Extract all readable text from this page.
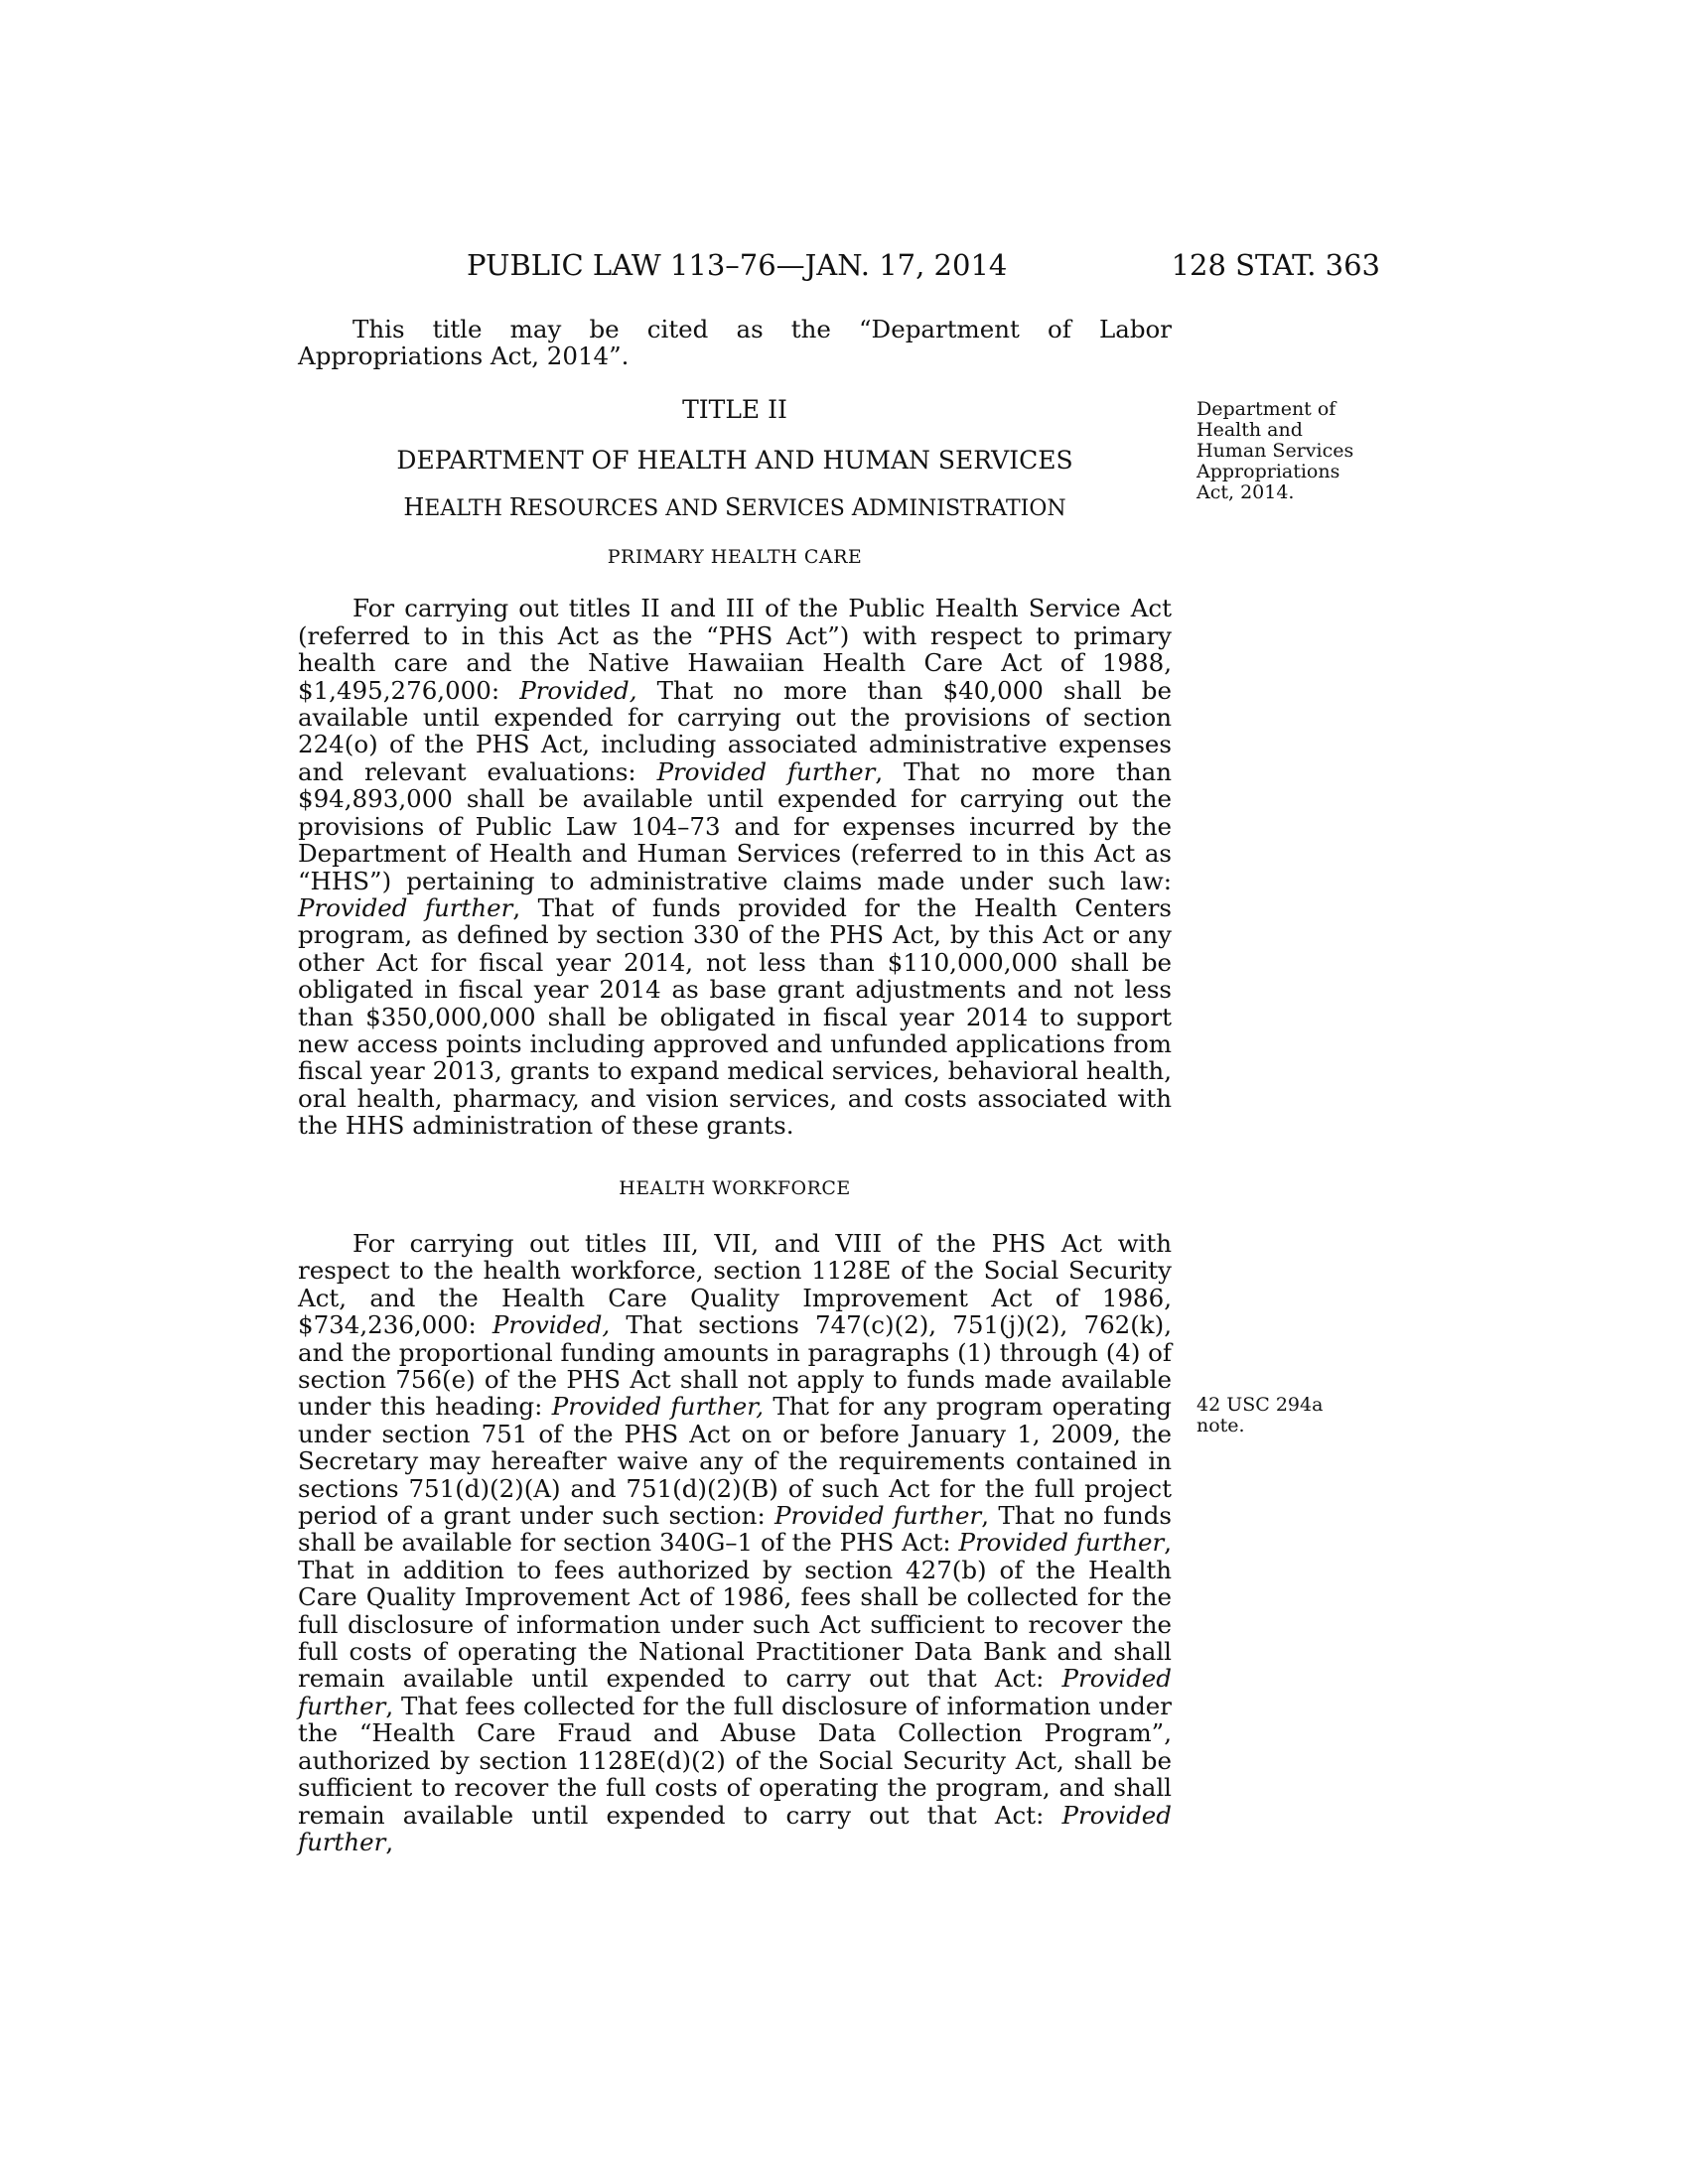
PUBLIC LAW 113–76—JAN. 17, 2014	128 STAT. 363

This title may be cited as the “Department of Labor Appropriations Act, 2014”.

TITLE II
DEPARTMENT OF HEALTH AND HUMAN SERVICES
HEALTH RESOURCES AND SERVICES ADMINISTRATION
PRIMARY HEALTH CARE

For carrying out titles II and III of the Public Health Service Act (referred to in this Act as the “PHS Act”) with respect to primary health care and the Native Hawaiian Health Care Act of 1988, $1,495,276,000: Provided, That no more than $40,000 shall be available until expended for carrying out the provisions of section 224(o) of the PHS Act, including associated administrative expenses and relevant evaluations: Provided further, That no more than $94,893,000 shall be available until expended for carrying out the provisions of Public Law 104–73 and for expenses incurred by the Department of Health and Human Services (referred to in this Act as “HHS”) pertaining to administrative claims made under such law: Provided further, That of funds provided for the Health Centers program, as defined by section 330 of the PHS Act, by this Act or any other Act for fiscal year 2014, not less than $110,000,000 shall be obligated in fiscal year 2014 as base grant adjustments and not less than $350,000,000 shall be obligated in fiscal year 2014 to support new access points including approved and unfunded applications from fiscal year 2013, grants to expand medical services, behavioral health, oral health, pharmacy, and vision services, and costs associated with the HHS administration of these grants.

HEALTH WORKFORCE

For carrying out titles III, VII, and VIII of the PHS Act with respect to the health workforce, section 1128E of the Social Security Act, and the Health Care Quality Improvement Act of 1986, $734,236,000: Provided, That sections 747(c)(2), 751(j)(2), 762(k), and the proportional funding amounts in paragraphs (1) through (4) of section 756(e) of the PHS Act shall not apply to funds made available under this heading: Provided further, That for any program operating under section 751 of the PHS Act on or before January 1, 2009, the Secretary may hereafter waive any of the requirements contained in sections 751(d)(2)(A) and 751(d)(2)(B) of such Act for the full project period of a grant under such section: Provided further, That no funds shall be available for section 340G–1 of the PHS Act: Provided further, That in addition to fees authorized by section 427(b) of the Health Care Quality Improvement Act of 1986, fees shall be collected for the full disclosure of information under such Act sufficient to recover the full costs of operating the National Practitioner Data Bank and shall remain available until expended to carry out that Act: Provided further, That fees collected for the full disclosure of information under the “Health Care Fraud and Abuse Data Collection Program”, authorized by section 1128E(d)(2) of the Social Security Act, shall be sufficient to recover the full costs of operating the program, and shall remain available until expended to carry out that Act: Provided further,

Department of
Health and
Human Services
Appropriations
Act, 2014.
42 USC 294a
note.
